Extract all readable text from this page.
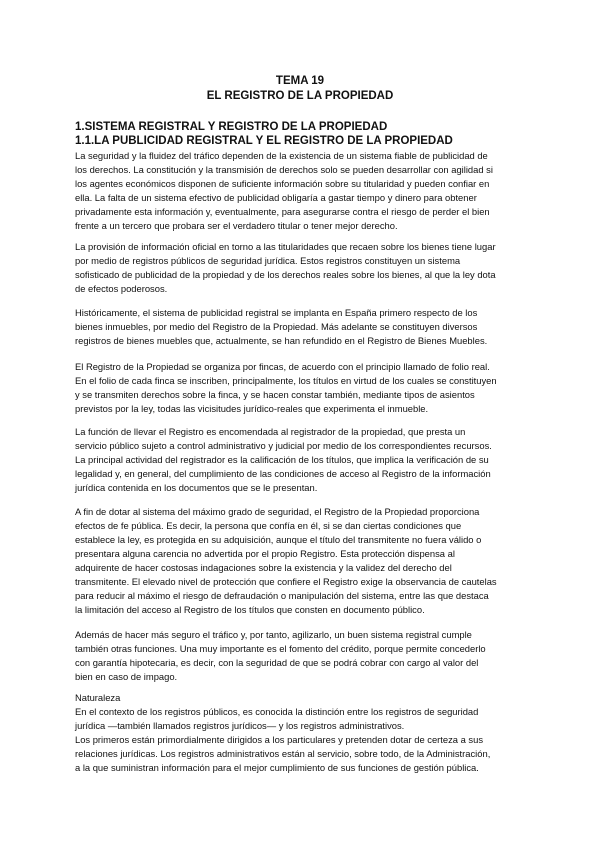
TEMA 19
EL REGISTRO DE LA PROPIEDAD
1.SISTEMA REGISTRAL Y REGISTRO DE LA PROPIEDAD
1.1.LA PUBLICIDAD REGISTRAL Y EL REGISTRO DE LA PROPIEDAD
La seguridad y la fluidez del tráfico dependen de la existencia de un sistema fiable de publicidad de
los derechos. La constitución y la transmisión de derechos solo se pueden desarrollar con agilidad si
los agentes económicos disponen de suficiente información sobre su titularidad y pueden confiar en
ella. La falta de un sistema efectivo de publicidad obligaría a gastar tiempo y dinero para obtener
privadamente esta información y, eventualmente, para asegurarse contra el riesgo de perder el bien
frente a un tercero que probara ser el verdadero titular o tener mejor derecho.
La provisión de información oficial en torno a las titularidades que recaen sobre los bienes tiene lugar
por medio de registros públicos de seguridad jurídica. Estos registros constituyen un sistema
sofisticado de publicidad de la propiedad y de los derechos reales sobre los bienes, al que la ley dota
de efectos poderosos.
Históricamente, el sistema de publicidad registral se implanta en España primero respecto de los
bienes inmuebles, por medio del Registro de la Propiedad. Más adelante se constituyen diversos
registros de bienes muebles que, actualmente, se han refundido en el Registro de Bienes Muebles.
El Registro de la Propiedad se organiza por fincas, de acuerdo con el principio llamado de folio real.
En el folio de cada finca se inscriben, principalmente, los títulos en virtud de los cuales se constituyen
y se transmiten derechos sobre la finca, y se hacen constar también, mediante tipos de asientos
previstos por la ley, todas las vicisitudes jurídico-reales que experimenta el inmueble.
La función de llevar el Registro es encomendada al registrador de la propiedad, que presta un
servicio público sujeto a control administrativo y judicial por medio de los correspondientes recursos.
La principal actividad del registrador es la calificación de los títulos, que implica la verificación de su
legalidad y, en general, del cumplimiento de las condiciones de acceso al Registro de la información
jurídica contenida en los documentos que se le presentan.
A fin de dotar al sistema del máximo grado de seguridad, el Registro de la Propiedad proporciona
efectos de fe pública. Es decir, la persona que confía en él, si se dan ciertas condiciones que
establece la ley, es protegida en su adquisición, aunque el título del transmitente no fuera válido o
presentara alguna carencia no advertida por el propio Registro. Esta protección dispensa al
adquirente de hacer costosas indagaciones sobre la existencia y la validez del derecho del
transmitente. El elevado nivel de protección que confiere el Registro exige la observancia de cautelas
para reducir al máximo el riesgo de defraudación o manipulación del sistema, entre las que destaca
la limitación del acceso al Registro de los títulos que consten en documento público.
Además de hacer más seguro el tráfico y, por tanto, agilizarlo, un buen sistema registral cumple
también otras funciones. Una muy importante es el fomento del crédito, porque permite concederlo
con garantía hipotecaria, es decir, con la seguridad de que se podrá cobrar con cargo al valor del
bien en caso de impago.
Naturaleza
En el contexto de los registros públicos, es conocida la distinción entre los registros de seguridad
jurídica —también llamados registros jurídicos— y los registros administrativos.
Los primeros están primordialmente dirigidos a los particulares y pretenden dotar de certeza a sus
relaciones jurídicas. Los registros administrativos están al servicio, sobre todo, de la Administración,
a la que suministran información para el mejor cumplimiento de sus funciones de gestión pública.
